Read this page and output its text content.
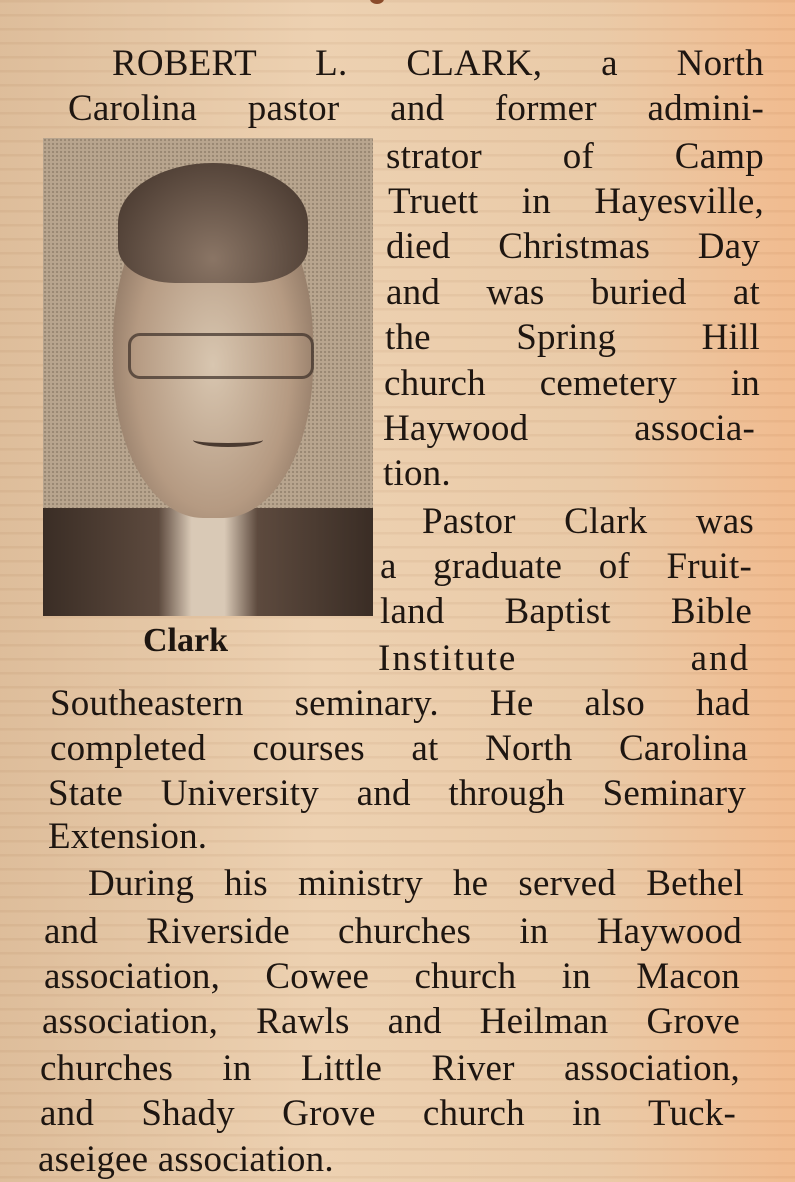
ROBERT L. CLARK, a North
Carolina pastor and former admini-
strator of Camp
Truett in Hayesville,
died Christmas Day
and was buried at
the Spring Hill
church cemetery in
Haywood associa-
tion.
Pastor Clark was
a graduate of Fruit-
land Baptist Bible
Clark	Institute and
Southeastern seminary. He also had
completed courses at North Carolina
State University and through Seminary
Extension.
During his ministry he served Bethel
and Riverside churches in Haywood
association, Cowee church in Macon
association, Rawls and Heilman Grove
churches in Little River association,
and Shady Grove church in Tuck-
aseigee association.
